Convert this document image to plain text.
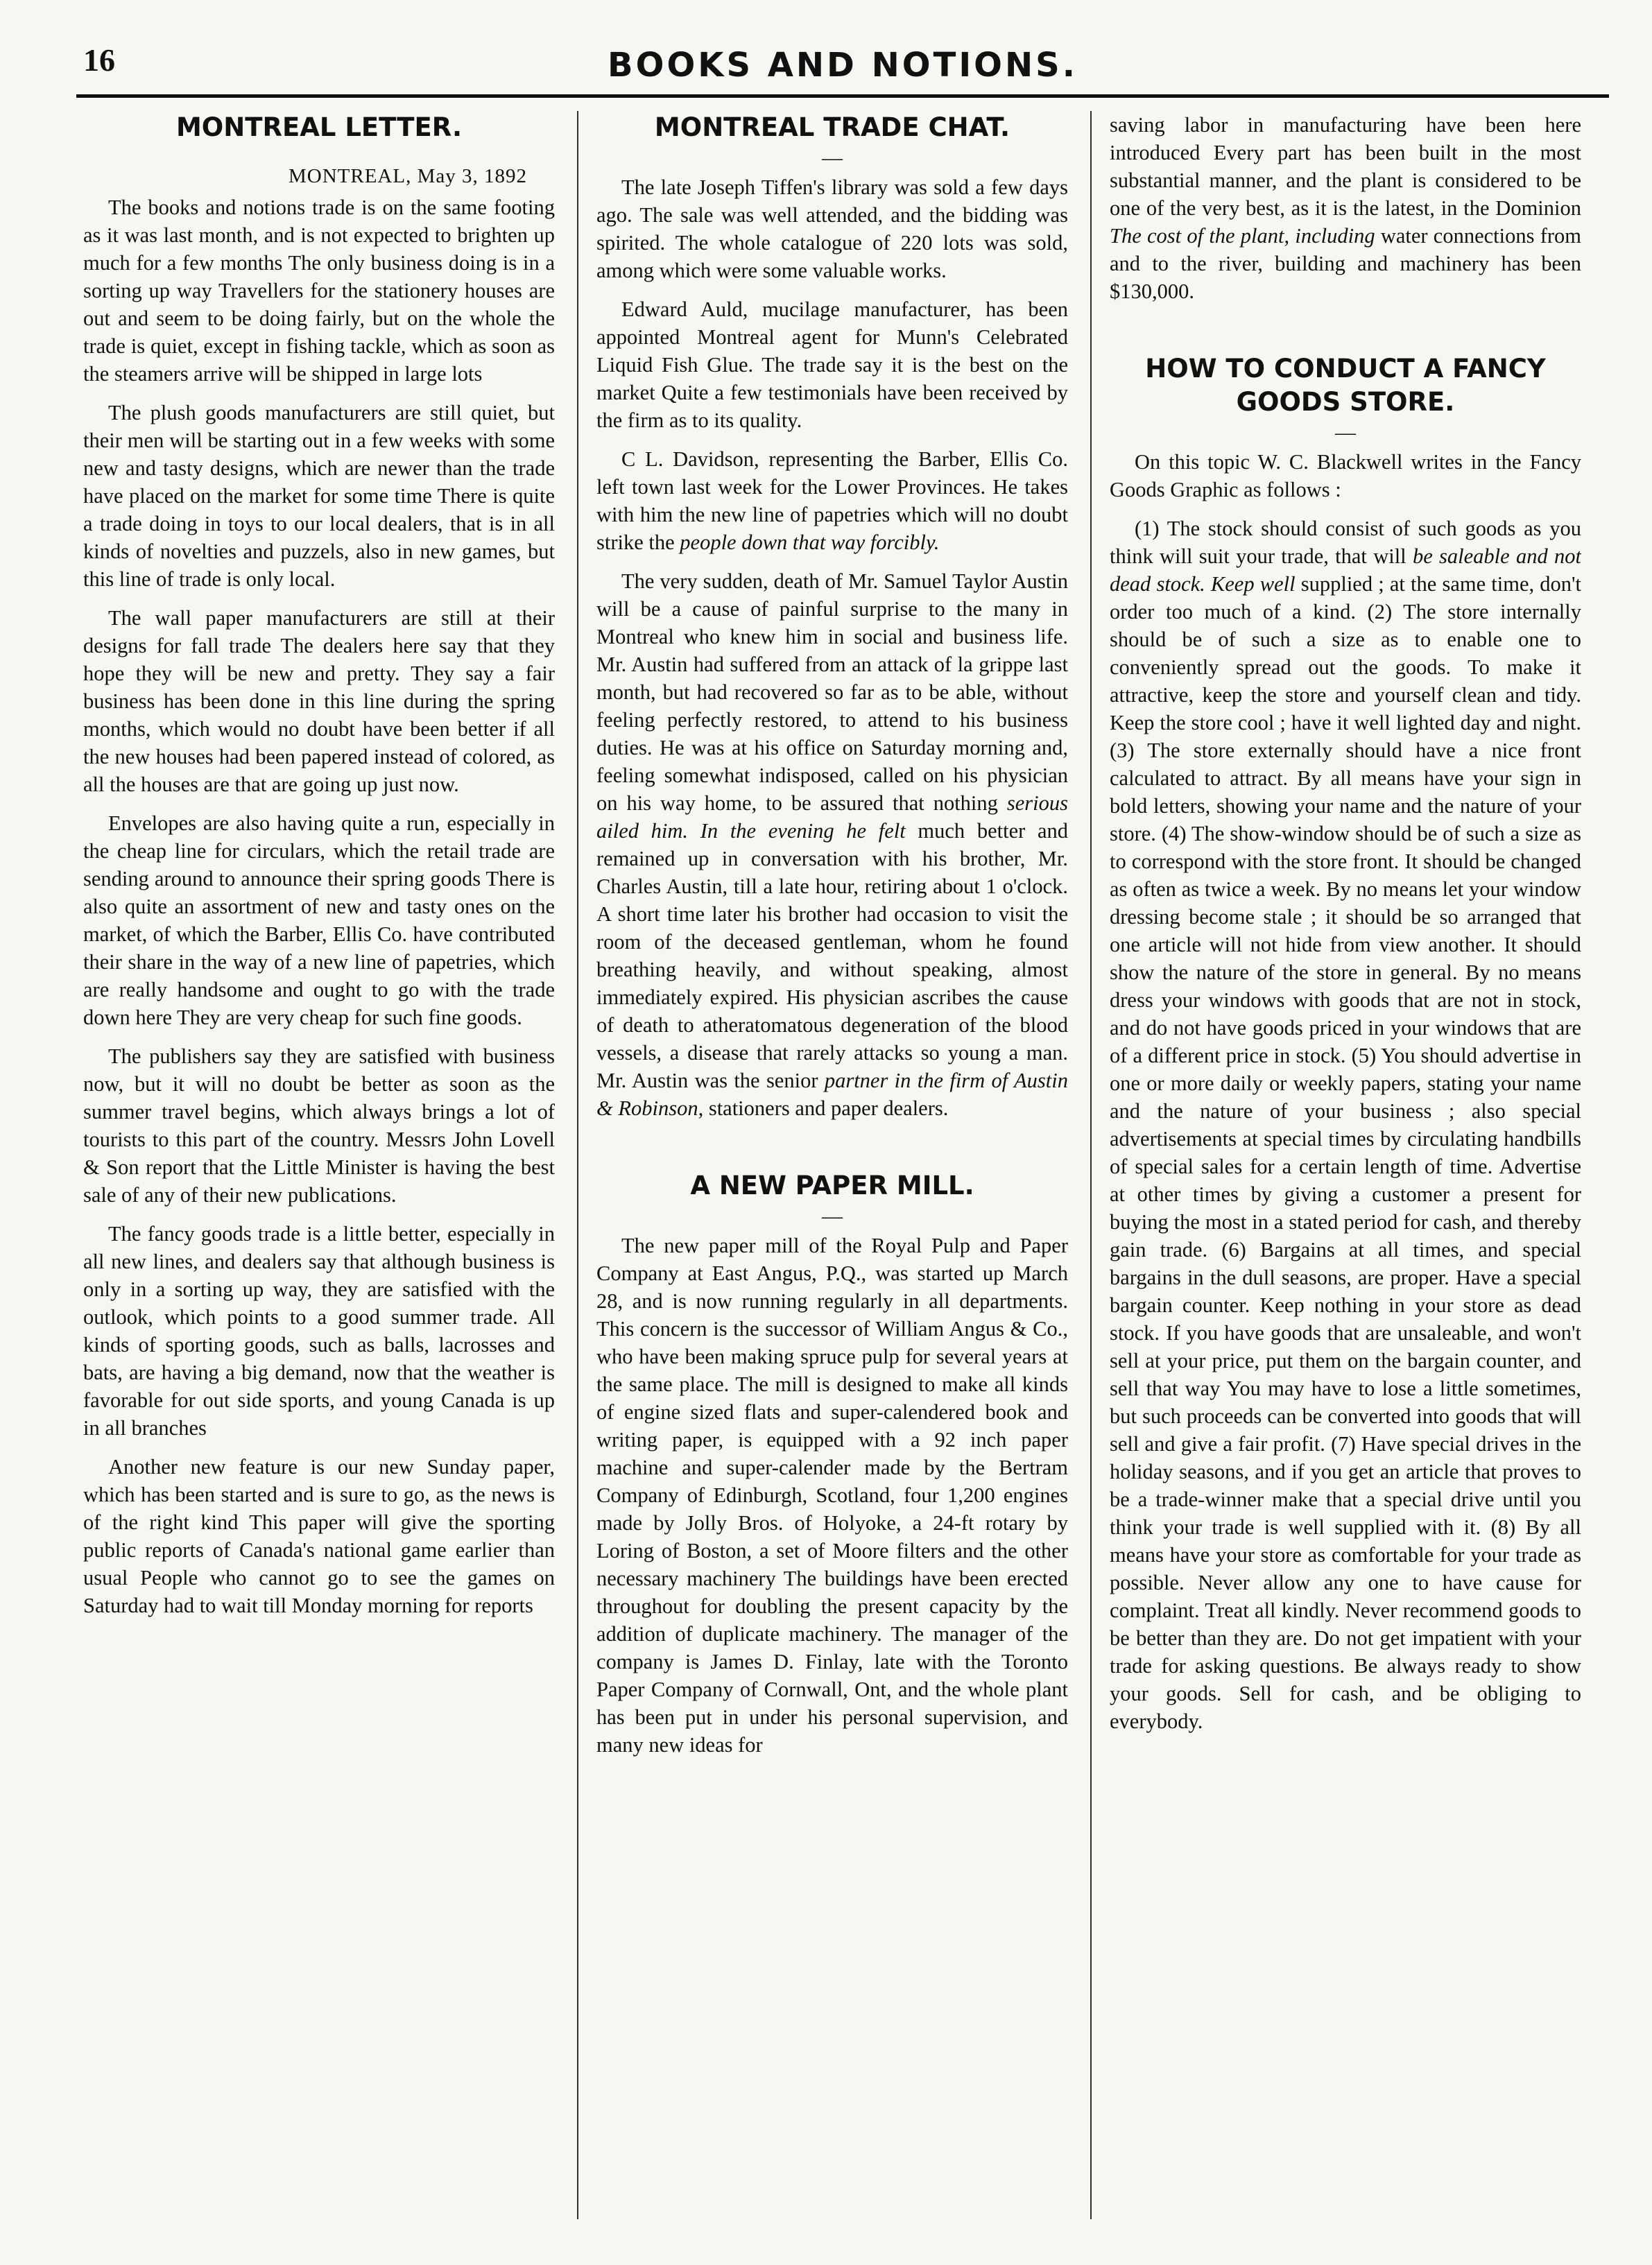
16	BOOKS AND NOTIONS.
MONTREAL LETTER.
MONTREAL, May 3, 1892

The books and notions trade is on the same footing as it was last month, and is not expected to brighten up much for a few months The only business doing is in a sorting up way Travellers for the stationery houses are out and seem to be doing fairly, but on the whole the trade is quiet, except in fishing tackle, which as soon as the steamers arrive will be shipped in large lots

The plush goods manufacturers are still quiet, but their men will be starting out in a few weeks with some new and tasty designs, which are newer than the trade have placed on the market for some time There is quite a trade doing in toys to our local dealers, that is in all kinds of novelties and puzzels, also in new games, but this line of trade is only local.

The wall paper manufacturers are still at their designs for fall trade The dealers here say that they hope they will be new and pretty. They say a fair business has been done in this line during the spring months, which would no doubt have been better if all the new houses had been papered instead of colored, as all the houses are that are going up just now.

Envelopes are also having quite a run, especially in the cheap line for circulars, which the retail trade are sending around to announce their spring goods There is also quite an assortment of new and tasty ones on the market, of which the Barber, Ellis Co. have contributed their share in the way of a new line of papetries, which are really handsome and ought to go with the trade down here They are very cheap for such fine goods.

The publishers say they are satisfied with business now, but it will no doubt be better as soon as the summer travel begins, which always brings a lot of tourists to this part of the country. Messrs John Lovell & Son report that the Little Minister is having the best sale of any of their new publications.

The fancy goods trade is a little better, especially in all new lines, and dealers say that although business is only in a sorting up way, they are satisfied with the outlook, which points to a good summer trade. All kinds of sporting goods, such as balls, lacrosses and bats, are having a big demand, now that the weather is favorable for out side sports, and young Canada is up in all branches

Another new feature is our new Sunday paper, which has been started and is sure to go, as the news is of the right kind This paper will give the sporting public reports of Canada's national game earlier than usual People who cannot go to see the games on Saturday had to wait till Monday morning for reports

MONTREAL TRADE CHAT.
—

The late Joseph Tiffen's library was sold a few days ago. The sale was well attended, and the bidding was spirited. The whole catalogue of 220 lots was sold, among which were some valuable works.

Edward Auld, mucilage manufacturer, has been appointed Montreal agent for Munn's Celebrated Liquid Fish Glue. The trade say it is the best on the market Quite a few testimonials have been received by the firm as to its quality.

C L. Davidson, representing the Barber, Ellis Co. left town last week for the Lower Provinces. He takes with him the new line of papetries which will no doubt strike the people down that way forcibly.

The very sudden, death of Mr. Samuel Taylor Austin will be a cause of painful surprise to the many in Montreal who knew him in social and business life. Mr. Austin had suffered from an attack of la grippe last month, but had recovered so far as to be able, without feeling perfectly restored, to attend to his business duties. He was at his office on Saturday morning and, feeling somewhat indisposed, called on his physician on his way home, to be assured that nothing serious ailed him. In the evening he felt much better and remained up in conversation with his brother, Mr. Charles Austin, till a late hour, retiring about 1 o'clock. A short time later his brother had occasion to visit the room of the deceased gentleman, whom he found breathing heavily, and without speaking, almost immediately expired. His physician ascribes the cause of death to atheratomatous degeneration of the blood vessels, a disease that rarely attacks so young a man. Mr. Austin was the senior partner in the firm of Austin & Robinson, stationers and paper dealers.

A NEW PAPER MILL.
—

The new paper mill of the Royal Pulp and Paper Company at East Angus, P.Q., was started up March 28, and is now running regularly in all departments. This concern is the successor of William Angus & Co., who have been making spruce pulp for several years at the same place. The mill is designed to make all kinds of engine sized flats and super-calendered book and writing paper, is equipped with a 92 inch paper machine and super-calender made by the Bertram Company of Edinburgh, Scotland, four 1,200 engines made by Jolly Bros. of Holyoke, a 24-ft rotary by Loring of Boston, a set of Moore filters and the other necessary machinery The buildings have been erected throughout for doubling the present capacity by the addition of duplicate machinery. The manager of the company is James D. Finlay, late with the Toronto Paper Company of Cornwall, Ont, and the whole plant has been put in under his personal supervision, and many new ideas for

saving labor in manufacturing have been here introduced Every part has been built in the most substantial manner, and the plant is considered to be one of the very best, as it is the latest, in the Dominion The cost of the plant, including water connections from and to the river, building and machinery has been $130,000.

HOW TO CONDUCT A FANCY GOODS STORE.
—

On this topic W. C. Blackwell writes in the Fancy Goods Graphic as follows :

(1) The stock should consist of such goods as you think will suit your trade, that will be saleable and not dead stock. Keep well supplied ; at the same time, don't order too much of a kind. (2) The store internally should be of such a size as to enable one to conveniently spread out the goods. To make it attractive, keep the store and yourself clean and tidy. Keep the store cool ; have it well lighted day and night. (3) The store externally should have a nice front calculated to attract. By all means have your sign in bold letters, showing your name and the nature of your store. (4) The show-window should be of such a size as to correspond with the store front. It should be changed as often as twice a week. By no means let your window dressing become stale ; it should be so arranged that one article will not hide from view another. It should show the nature of the store in general. By no means dress your windows with goods that are not in stock, and do not have goods priced in your windows that are of a different price in stock. (5) You should advertise in one or more daily or weekly papers, stating your name and the nature of your business ; also special advertisements at special times by circulating handbills of special sales for a certain length of time. Advertise at other times by giving a customer a present for buying the most in a stated period for cash, and thereby gain trade. (6) Bargains at all times, and special bargains in the dull seasons, are proper. Have a special bargain counter. Keep nothing in your store as dead stock. If you have goods that are unsaleable, and won't sell at your price, put them on the bargain counter, and sell that way You may have to lose a little sometimes, but such proceeds can be converted into goods that will sell and give a fair profit. (7) Have special drives in the holiday seasons, and if you get an article that proves to be a trade-winner make that a special drive until you think your trade is well supplied with it. (8) By all means have your store as comfortable for your trade as possible. Never allow any one to have cause for complaint. Treat all kindly. Never recommend goods to be better than they are. Do not get impatient with your trade for asking questions. Be always ready to show your goods. Sell for cash, and be obliging to everybody.
